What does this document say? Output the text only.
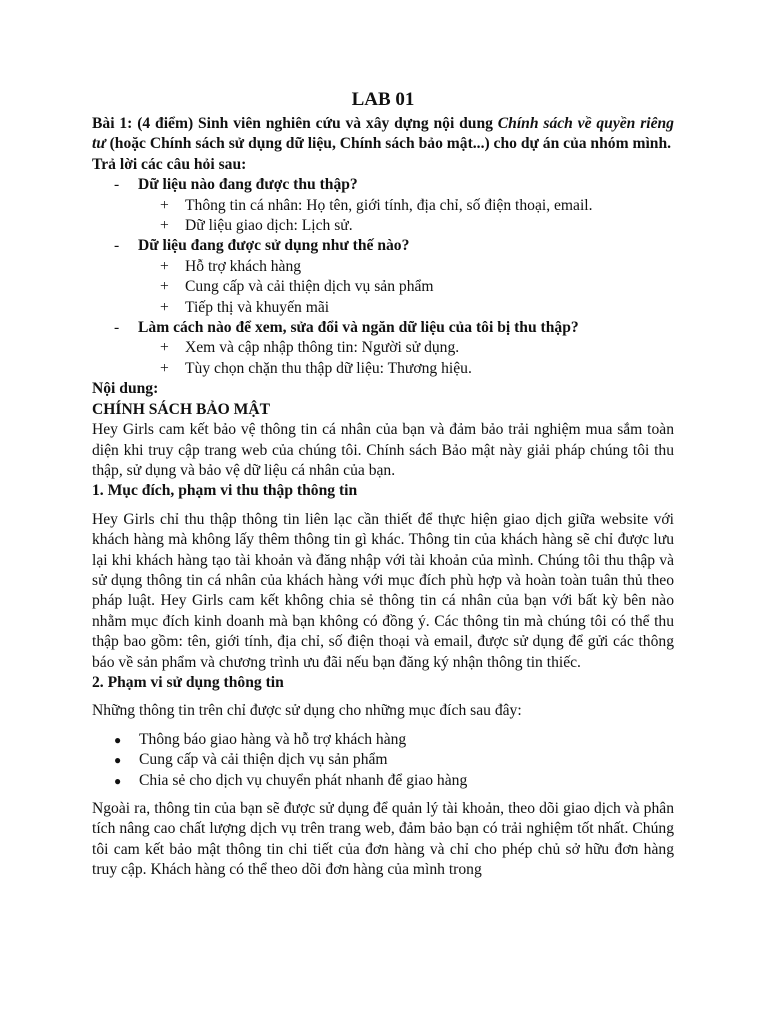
LAB 01
Bài 1: (4 điểm) Sinh viên nghiên cứu và xây dựng nội dung Chính sách về quyền riêng tư (hoặc Chính sách sử dụng dữ liệu, Chính sách bảo mật...) cho dự án của nhóm mình.
Trả lời các câu hỏi sau:
-	Dữ liệu nào đang được thu thập?
+	Thông tin cá nhân: Họ tên, giới tính, địa chỉ, số điện thoại, email.
+	Dữ liệu giao dịch: Lịch sử.
-	Dữ liệu đang được sử dụng như thế nào?
+	Hỗ trợ khách hàng
+	Cung cấp và cải thiện dịch vụ sản phẩm
+	Tiếp thị và khuyến mãi
-	Làm cách nào để xem, sửa đổi và ngăn dữ liệu của tôi bị thu thập?
+	Xem và cập nhập thông tin: Người sử dụng.
+	Tùy chọn chặn thu thập dữ liệu: Thương hiệu.
Nội dung:
CHÍNH SÁCH BẢO MẬT
Hey Girls cam kết bảo vệ thông tin cá nhân của bạn và đảm bảo trải nghiệm mua sắm toàn diện khi truy cập trang web của chúng tôi. Chính sách Bảo mật này giải pháp chúng tôi thu thập, sử dụng và bảo vệ dữ liệu cá nhân của bạn.
1. Mục đích, phạm vi thu thập thông tin
Hey Girls chỉ thu thập thông tin liên lạc cần thiết để thực hiện giao dịch giữa website với khách hàng mà không lấy thêm thông tin gì khác. Thông tin của khách hàng sẽ chỉ được lưu lại khi khách hàng tạo tài khoản và đăng nhập với tài khoản của mình. Chúng tôi thu thập và sử dụng thông tin cá nhân của khách hàng với mục đích phù hợp và hoàn toàn tuân thủ theo pháp luật. Hey Girls cam kết không chia sẻ thông tin cá nhân của bạn với bất kỳ bên nào nhằm mục đích kinh doanh mà bạn không có đồng ý. Các thông tin mà chúng tôi có thể thu thập bao gồm: tên, giới tính, địa chỉ, số điện thoại và email, được sử dụng để gửi các thông báo về sản phẩm và chương trình ưu đãi nếu bạn đăng ký nhận thông tin thiếc.
2. Phạm vi sử dụng thông tin
Những thông tin trên chỉ được sử dụng cho những mục đích sau đây:
●	Thông báo giao hàng và hỗ trợ khách hàng
●	Cung cấp và cải thiện dịch vụ sản phẩm
●	Chia sẻ cho dịch vụ chuyển phát nhanh để giao hàng
Ngoài ra, thông tin của bạn sẽ được sử dụng để quản lý tài khoản, theo dõi giao dịch và phân tích nâng cao chất lượng dịch vụ trên trang web, đảm bảo bạn có trải nghiệm tốt nhất. Chúng tôi cam kết bảo mật thông tin chi tiết của đơn hàng và chỉ cho phép chủ sở hữu đơn hàng truy cập. Khách hàng có thể theo dõi đơn hàng của mình trong
